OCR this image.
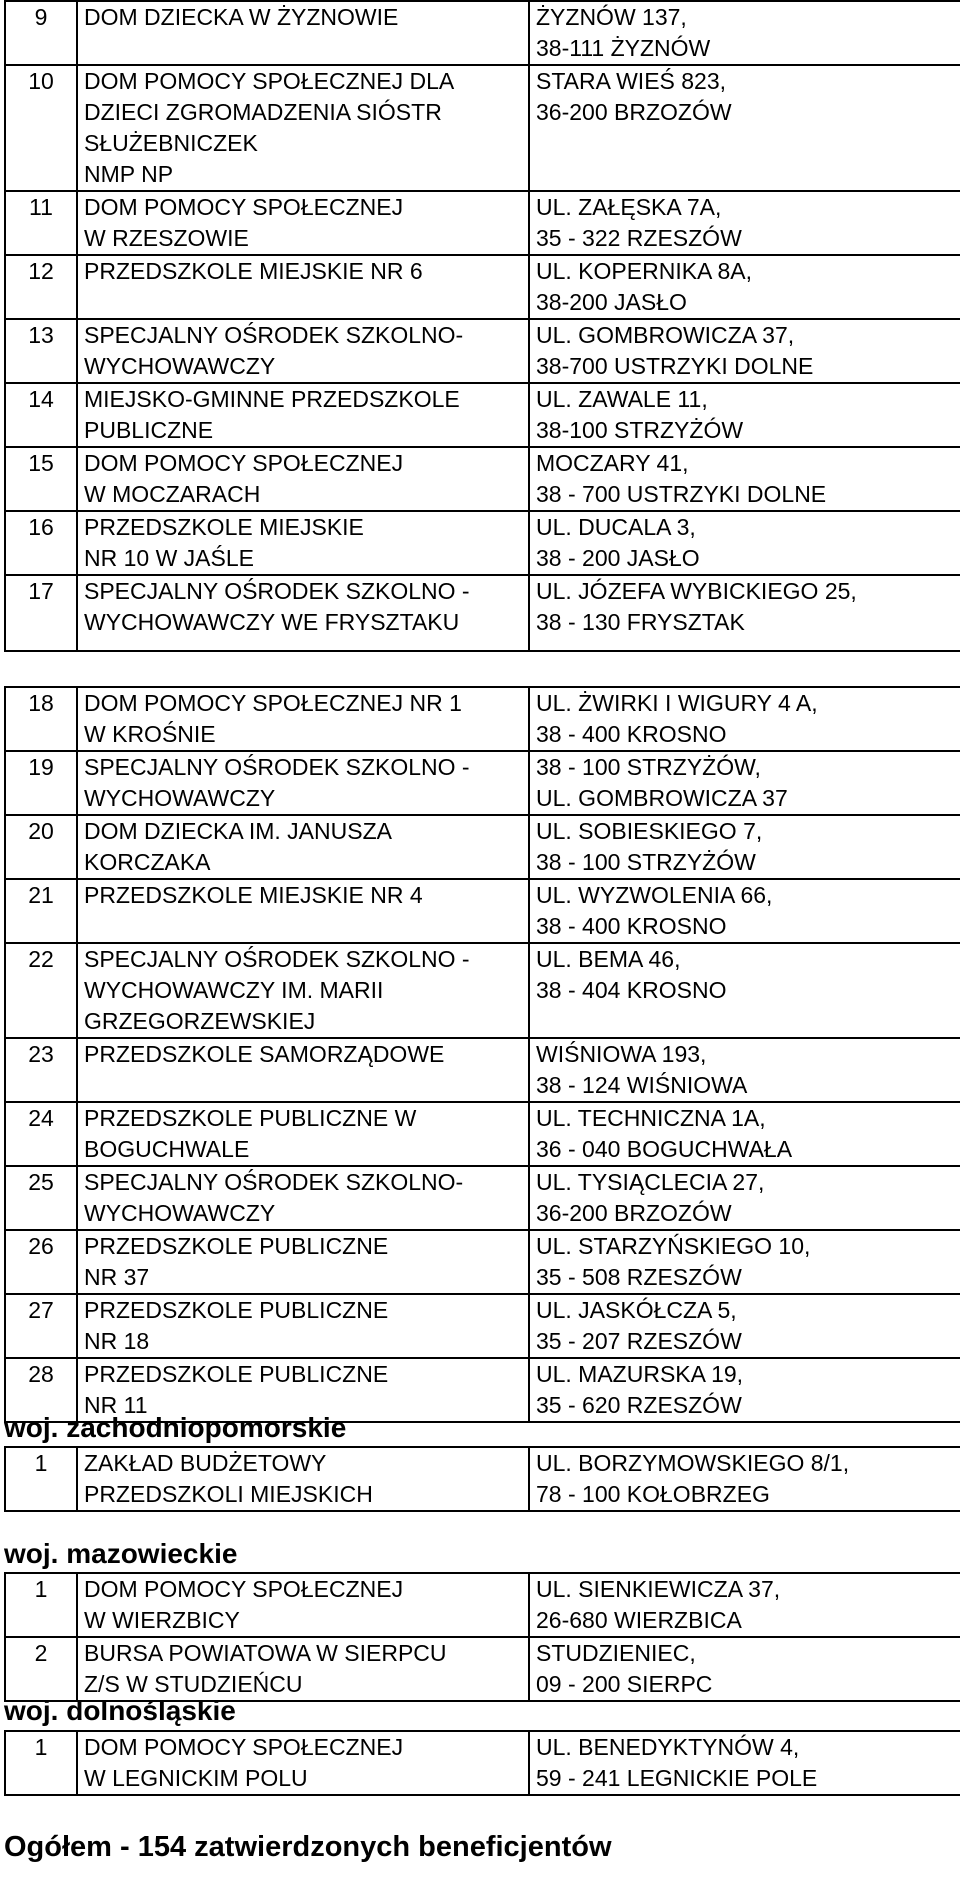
9	DOM DZIECKA W ŻYZNOWIE	ŻYZNÓW 137,
38-111 ŻYZNÓW
10	DOM POMOCY SPOŁECZNEJ DLA
DZIECI ZGROMADZENIA SIÓSTR
SŁUŻEBNICZEK
NMP NP	STARA WIEŚ 823,
36-200 BRZOZÓW
11	DOM POMOCY SPOŁECZNEJ
W RZESZOWIE	UL. ZAŁĘSKA 7A,
35 - 322 RZESZÓW
12	PRZEDSZKOLE MIEJSKIE NR 6	UL. KOPERNIKA 8A,
38-200 JASŁO
13	SPECJALNY OŚRODEK SZKOLNO-
WYCHOWAWCZY	UL. GOMBROWICZA 37,
38-700 USTRZYKI DOLNE
14	MIEJSKO-GMINNE PRZEDSZKOLE
PUBLICZNE	UL. ZAWALE 11,
38-100 STRZYŻÓW
15	DOM POMOCY SPOŁECZNEJ
W MOCZARACH	MOCZARY 41,
38 - 700 USTRZYKI DOLNE
16	PRZEDSZKOLE MIEJSKIE
NR 10 W JAŚLE	UL. DUCALA 3,
38 - 200 JASŁO
17	SPECJALNY OŚRODEK SZKOLNO -
WYCHOWAWCZY WE FRYSZTAKU	UL. JÓZEFA WYBICKIEGO 25,
38 - 130 FRYSZTAK
18	DOM POMOCY SPOŁECZNEJ NR 1
W KROŚNIE	UL. ŻWIRKI I WIGURY 4 A,
38 - 400 KROSNO
19	SPECJALNY OŚRODEK SZKOLNO -
WYCHOWAWCZY	38 - 100 STRZYŻÓW,
UL. GOMBROWICZA 37
20	DOM DZIECKA IM. JANUSZA
KORCZAKA	UL. SOBIESKIEGO 7,
38 - 100 STRZYŻÓW
21	PRZEDSZKOLE MIEJSKIE NR 4	UL. WYZWOLENIA 66,
38 - 400 KROSNO
22	SPECJALNY OŚRODEK SZKOLNO -
WYCHOWAWCZY IM. MARII
GRZEGORZEWSKIEJ	UL. BEMA 46,
38 - 404 KROSNO
23	PRZEDSZKOLE SAMORZĄDOWE	WIŚNIOWA 193,
38 - 124 WIŚNIOWA
24	PRZEDSZKOLE PUBLICZNE W
BOGUCHWALE	UL. TECHNICZNA 1A,
36 - 040 BOGUCHWAŁA
25	SPECJALNY OŚRODEK SZKOLNO-
WYCHOWAWCZY	UL. TYSIĄCLECIA 27,
36-200 BRZOZÓW
26	PRZEDSZKOLE PUBLICZNE
NR 37	UL. STARZYŃSKIEGO 10,
35 - 508 RZESZÓW
27	PRZEDSZKOLE PUBLICZNE
NR 18	UL. JASKÓŁCZA 5,
35 - 207 RZESZÓW
28	PRZEDSZKOLE PUBLICZNE
NR 11	UL. MAZURSKA 19,
35 - 620 RZESZÓW
woj. zachodniopomorskie
1	ZAKŁAD BUDŻETOWY
PRZEDSZKOLI MIEJSKICH	UL. BORZYMOWSKIEGO 8/1,
78 - 100 KOŁOBRZEG
woj. mazowieckie
1	DOM POMOCY SPOŁECZNEJ
W WIERZBICY	UL. SIENKIEWICZA 37,
26-680 WIERZBICA
2	BURSA POWIATOWA W SIERPCU
Z/S W STUDZIEŃCU	STUDZIENIEC,
09 - 200 SIERPC
woj. dolnośląskie
1	DOM POMOCY SPOŁECZNEJ
W LEGNICKIM POLU	UL. BENEDYKTYNÓW 4,
59 - 241 LEGNICKIE POLE
Ogółem - 154 zatwierdzonych beneficjentów
